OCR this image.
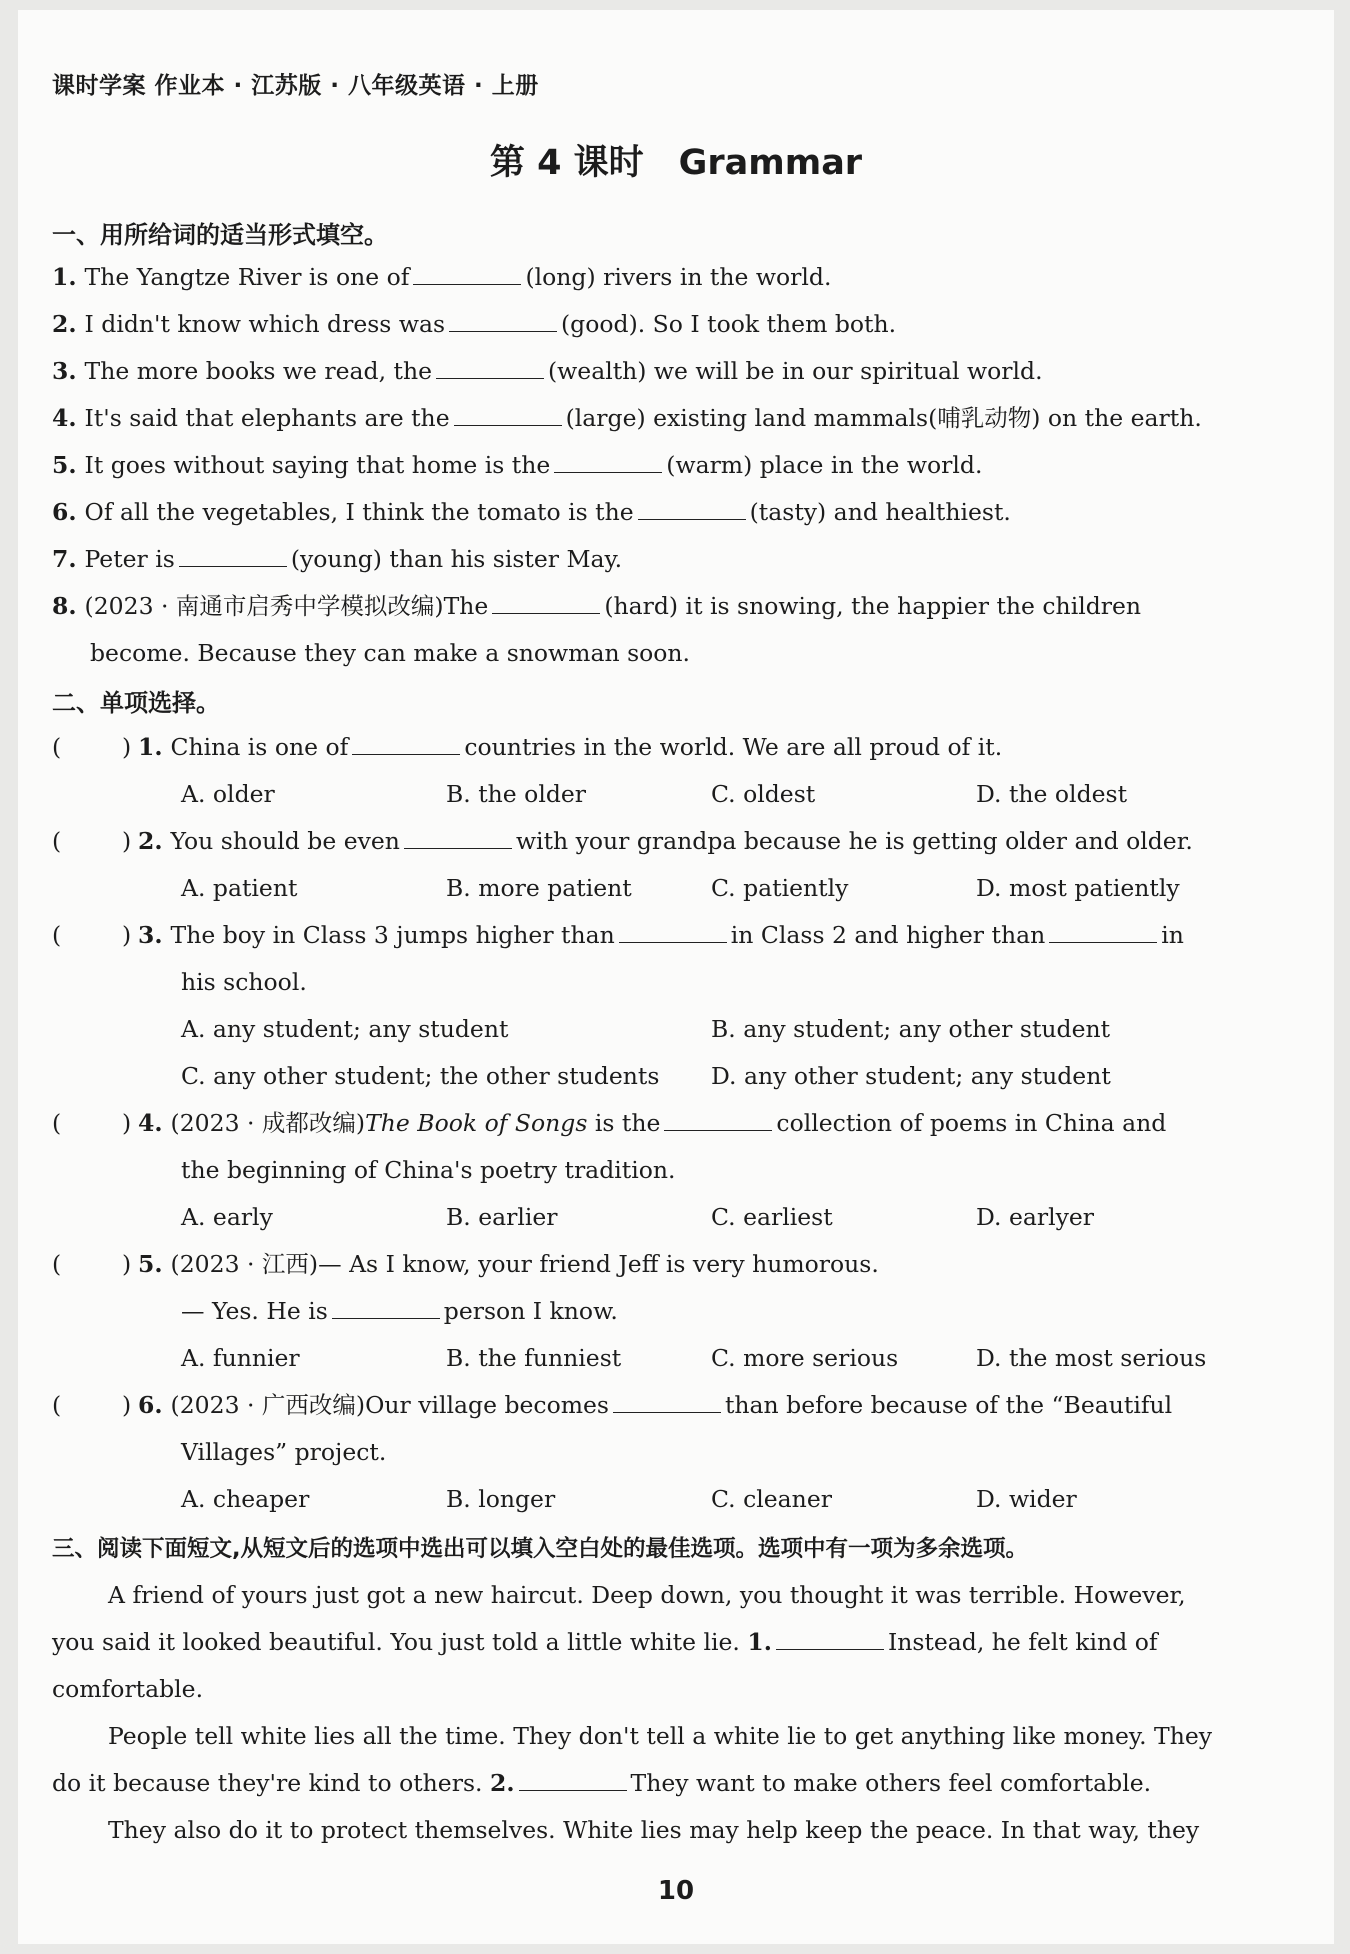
课时学案 作业本 · 江苏版 · 八年级英语 · 上册
第 4 课时　Grammar
一、用所给词的适当形式填空。
1. The Yangtze River is one of	(long) rivers in the world.
2. I didn't know which dress was	(good). So I took them both.
3. The more books we read, the	(wealth) we will be in our spiritual world.
4. It's said that elephants are the	(large) existing land mammals(哺乳动物) on the earth.
5. It goes without saying that home is the	(warm) place in the world.
6. Of all the vegetables, I think the tomato is the	(tasty) and healthiest.
7. Peter is	(young) than his sister May.
8. (2023 · 南通市启秀中学模拟改编)The	(hard) it is snowing, the happier the children
become. Because they can make a snowman soon.
二、单项选择。
(	) 1. China is one of	countries in the world. We are all proud of it.
A. older	B. the older	C. oldest	D. the oldest
(	) 2. You should be even	with your grandpa because he is getting older and older.
A. patient	B. more patient	C. patiently	D. most patiently
(	) 3. The boy in Class 3 jumps higher than	in Class 2 and higher than	in
his school.
A. any student; any student	B. any student; any other student
C. any other student; the other students D. any other student; any student
(	) 4. (2023 · 成都改编)The Book of Songs is the	collection of poems in China and
the beginning of China's poetry tradition.
A. early	B. earlier	C. earliest	D. earlyer
(	) 5. (2023 · 江西)— As I know, your friend Jeff is very humorous.
— Yes. He is	person I know.
A. funnier	B. the funniest	C. more serious	D. the most serious
(	) 6. (2023 · 广西改编)Our village becomes	than before because of the “Beautiful
Villages” project.
A. cheaper	B. longer	C. cleaner	D. wider
三、阅读下面短文,从短文后的选项中选出可以填入空白处的最佳选项。选项中有一项为多余选项。
A friend of yours just got a new haircut. Deep down, you thought it was terrible. However,
you said it looked beautiful. You just told a little white lie. 1.	Instead, he felt kind of
comfortable.
People tell white lies all the time. They don't tell a white lie to get anything like money. They
do it because they're kind to others. 2.	They want to make others feel comfortable.
They also do it to protect themselves. White lies may help keep the peace. In that way, they
10
